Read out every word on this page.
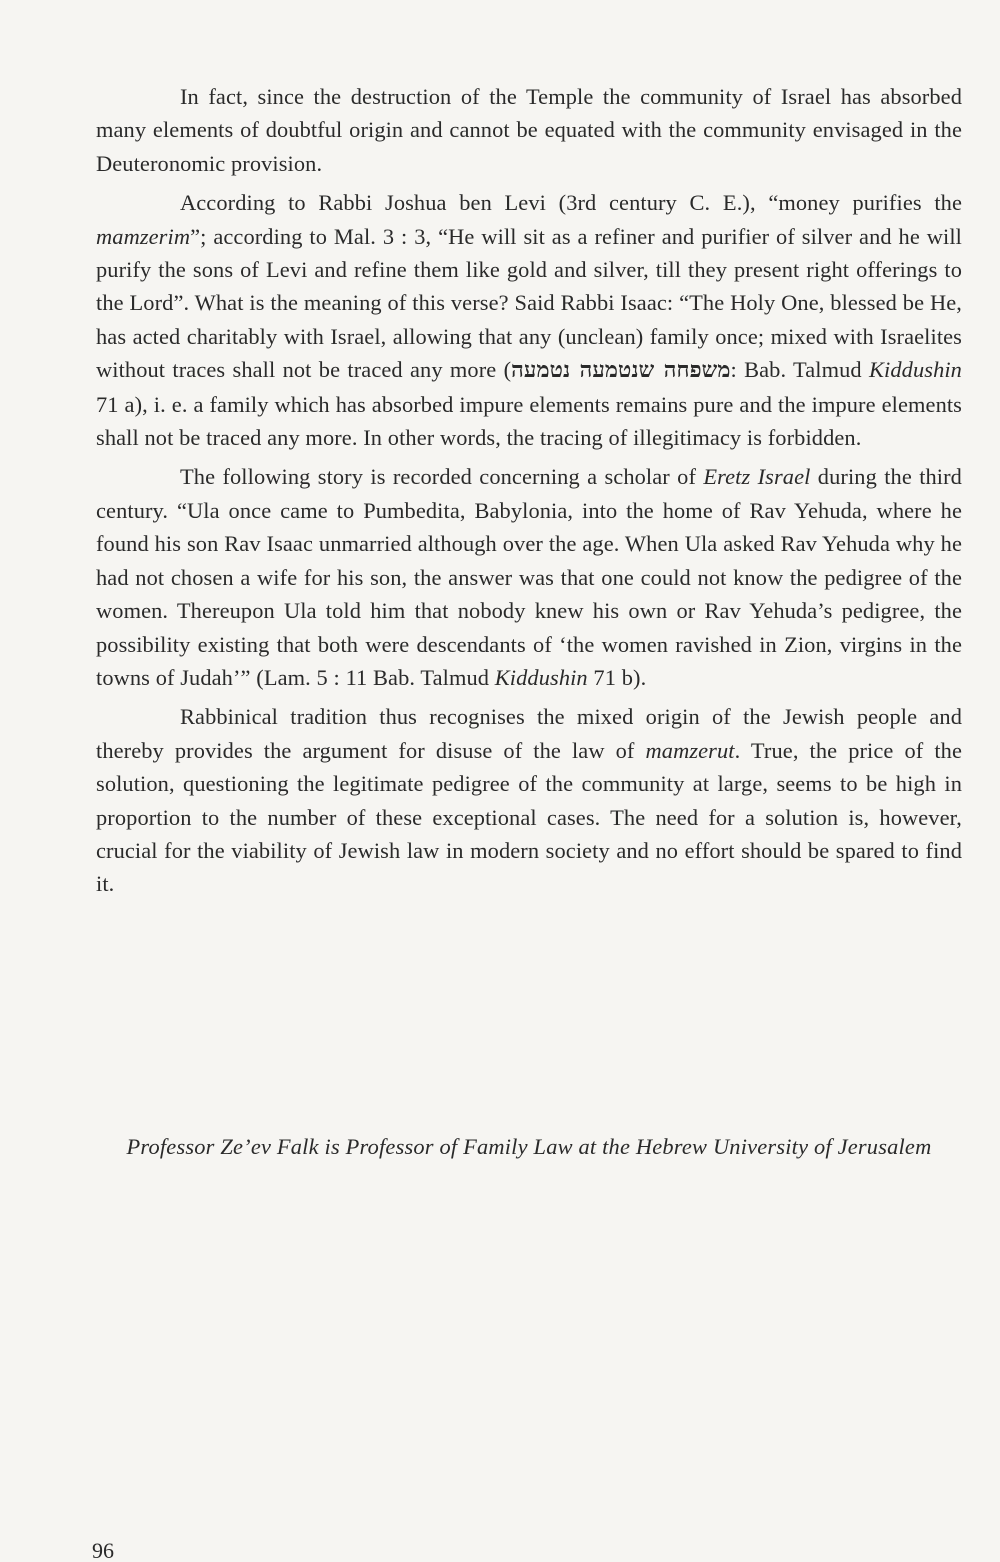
In fact, since the destruction of the Temple the community of Israel has absorbed many elements of doubtful origin and cannot be equated with the community envisaged in the Deuteronomic provision.

According to Rabbi Joshua ben Levi (3rd century C. E.), “money purifies the mamzerim”; according to Mal. 3 : 3, “He will sit as a refiner and purifier of silver and he will purify the sons of Levi and refine them like gold and silver, till they present right offerings to the Lord”. What is the meaning of this verse? Said Rabbi Isaac: “The Holy One, blessed be He, has acted charitably with Israel, allowing that any (unclean) family once; mixed with Israelites without traces shall not be traced any more (משפחה שנטמעה נטמעה: Bab. Talmud Kiddushin 71 a), i. e. a family which has absorbed impure elements remains pure and the impure elements shall not be traced any more. In other words, the tracing of illegitimacy is forbidden.

The following story is recorded concerning a scholar of Eretz Israel during the third century. “Ula once came to Pumbedita, Babylonia, into the home of Rav Yehuda, where he found his son Rav Isaac unmarried although over the age. When Ula asked Rav Yehuda why he had not chosen a wife for his son, the answer was that one could not know the pedigree of the women. Thereupon Ula told him that nobody knew his own or Rav Yehuda’s pedigree, the possibility existing that both were descendants of ‘the women ravished in Zion, virgins in the towns of Judah’” (Lam. 5 : 11 Bab. Talmud Kiddushin 71 b).

Rabbinical tradition thus recognises the mixed origin of the Jewish people and thereby provides the argument for disuse of the law of mamzerut. True, the price of the solution, questioning the legitimate pedigree of the community at large, seems to be high in proportion to the number of these exceptional cases. The need for a solution is, however, crucial for the viability of Jewish law in modern society and no effort should be spared to find it.

Professor Ze’ev Falk is Professor of Family Law at the Hebrew University of Jerusalem
96
